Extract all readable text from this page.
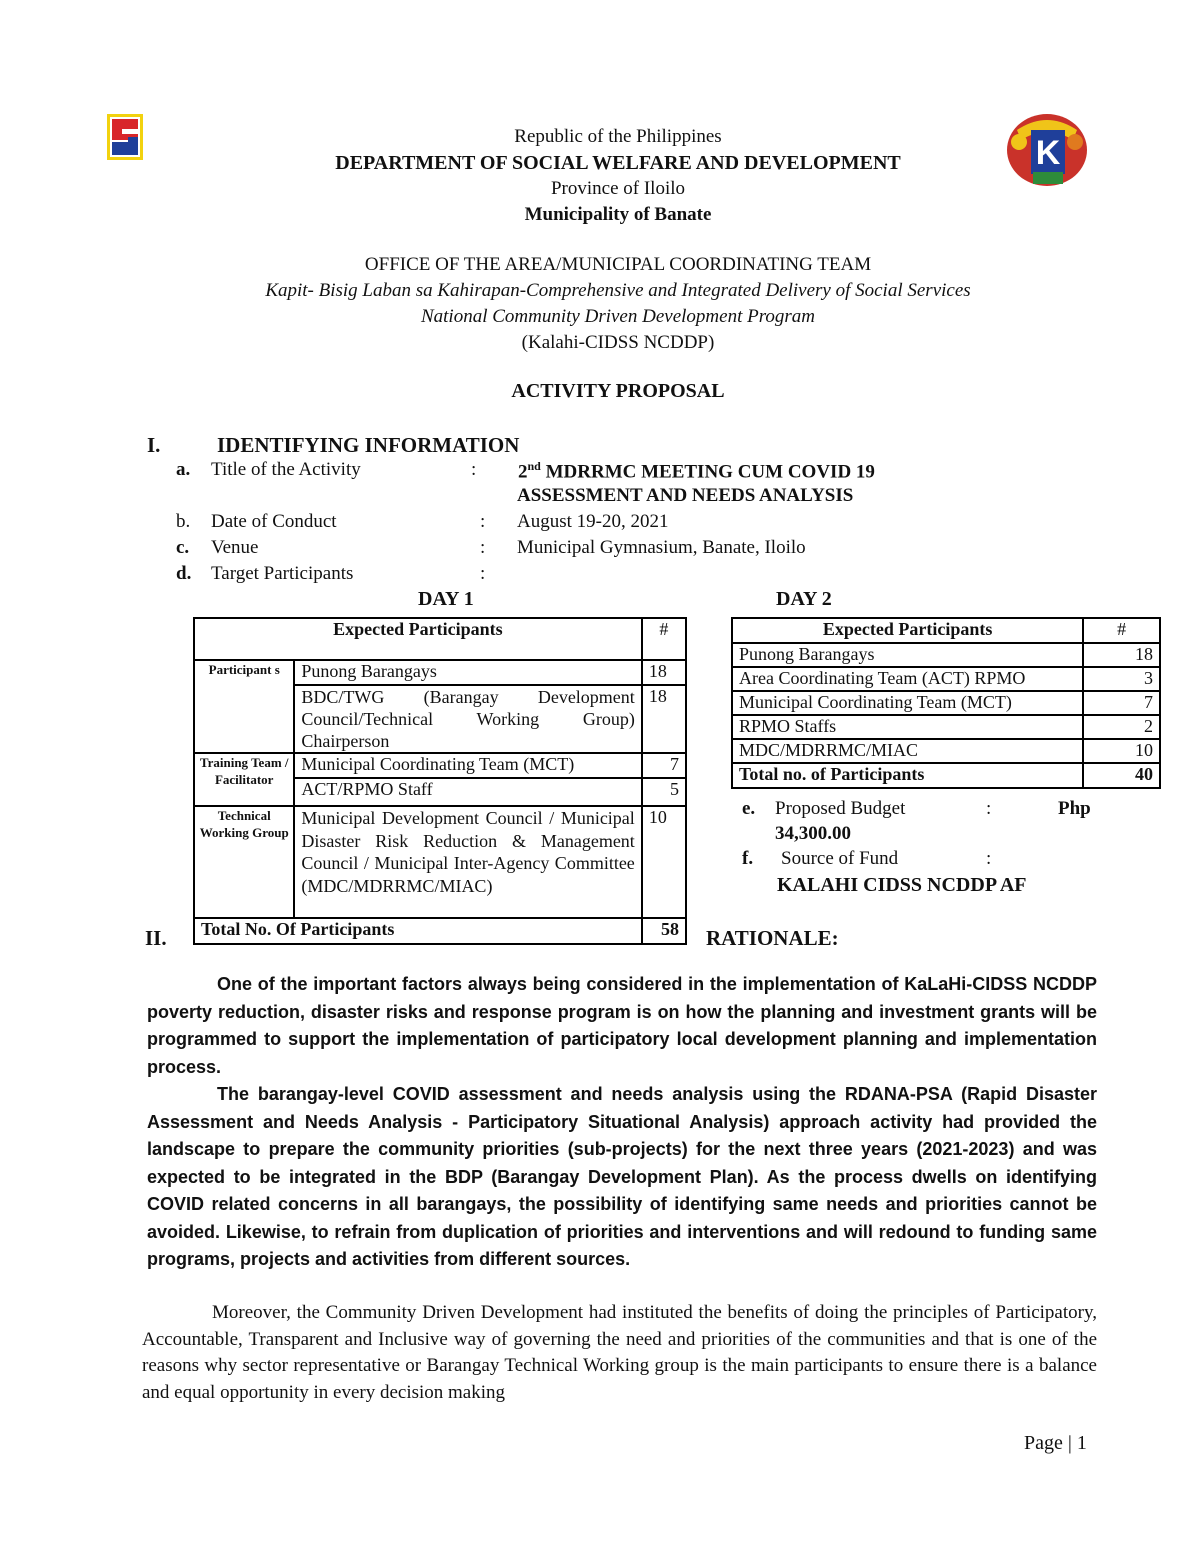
K
Republic of the Philippines
DEPARTMENT OF SOCIAL WELFARE AND DEVELOPMENT
Province of Iloilo
Municipality of Banate
OFFICE OF THE AREA/MUNICIPAL COORDINATING TEAM
Kapit- Bisig Laban sa Kahirapan-Comprehensive and Integrated Delivery of Social Services
National Community Driven Development Program
(Kalahi-CIDSS NCDDP)
ACTIVITY PROPOSAL
I.	IDENTIFYING INFORMATION
a. Title of the Activity	: 2nd MDRRMC MEETING CUM COVID 19
ASSESSMENT AND NEEDS ANALYSIS
b. Date of Conduct	: August 19-20, 2021
c. Venue	: Municipal Gymnasium, Banate, Iloilo
d. Target Participants	:
DAY 1	DAY 2
Expected Participants		#
Participant s	Punong Barangays	18
	BDC/TWG (Barangay Development Council/Technical Working Group) Chairperson	18
Training Team / Facilitator	Municipal Coordinating Team (MCT)	7
	ACT/RPMO Staff	5
Technical Working Group	Municipal Development Council / Municipal Disaster Risk Reduction & Management Council / Municipal Inter-Agency Committee (MDC/MDRRMC/MIAC)	10
Total No. Of Participants		58
Expected Participants	#
Punong Barangays	18
Area Coordinating Team (ACT) RPMO	3
Municipal Coordinating Team (MCT)	7
RPMO Staffs	2
MDC/MDRRMC/MIAC	10
Total no. of Participants	40
e. Proposed Budget	:	Php
34,300.00
f. Source of Fund	:
KALAHI CIDSS NCDDP AF
II.	RATIONALE:
One of the important factors always being considered in the implementation of KaLaHi-CIDSS NCDDP poverty reduction, disaster risks and response program is on how the planning and investment grants will be programmed to support the implementation of participatory local development planning and implementation process.
The barangay-level COVID assessment and needs analysis using the RDANA-PSA (Rapid Disaster Assessment and Needs Analysis - Participatory Situational Analysis) approach activity had provided the landscape to prepare the community priorities (sub-projects) for the next three years (2021-2023) and was expected to be integrated in the BDP (Barangay Development Plan). As the process dwells on identifying COVID related concerns in all barangays, the possibility of identifying same needs and priorities cannot be avoided. Likewise, to refrain from duplication of priorities and interventions and will redound to funding same programs, projects and activities from different sources.
Moreover, the Community Driven Development had instituted the benefits of doing the principles of Participatory, Accountable, Transparent and Inclusive way of governing the need and priorities of the communities and that is one of the reasons why sector representative or Barangay Technical Working group is the main participants to ensure there is a balance and equal opportunity in every decision making
Page | 1
